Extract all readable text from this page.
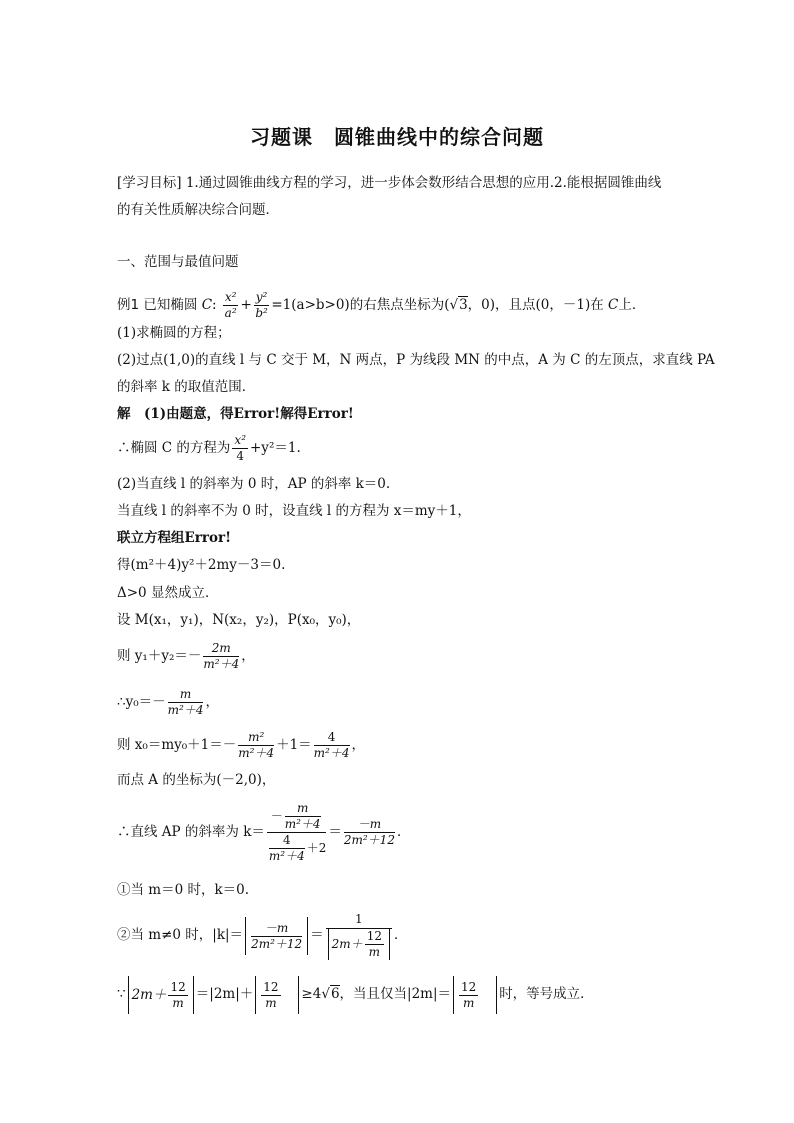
习题课　圆锥曲线中的综合问题
[学习目标] 1.通过圆锥曲线方程的学习，进一步体会数形结合思想的应用.2.能根据圆锥曲线
的有关性质解决综合问题．
一、范围与最值问题
例1 已知椭圆 C: $\frac{\text{x²}}{\text{a²}} + \frac{\text{y²}}{\text{b²}} =1(a>b>0)$的右焦点坐标为(√3，0)，且点(0，－1)在 C上．
(1)求椭圆的方程；
(2)过点(1,0)的直线 l 与 C 交于 M，N 两点，P 为线段 MN 的中点，A 为 C 的左顶点，求直线 PA
的斜率 k 的取值范围．
解　(1)由题意，得Error!解得Error!
∴椭圆 C 的方程为 $\frac{\text{x²}}{4} +y^2=1$.
(2)当直线 l 的斜率为 0 时，AP 的斜率 k＝0.
当直线 l 的斜率不为 0 时，设直线 l 的方程为 x＝my＋1，
联立方程组Error!
得(m²＋4)y²＋2my－3＝0.
Δ>0 显然成立．
设 M(x₁，y₁)，N(x₂，y₂)，P(x₀，y₀)，
则 $y_1+y_2=- \frac{2m}{\text{m²＋4}}$ ，
∴y₀＝－ $\frac{m}{\text{m²＋4}}$ ，
则 $x_0=my_0+1=- \frac{\text{m²}}{\text{m²＋4}} +1= \frac{4}{\text{m²＋4}}$ ，
而点 A 的坐标为(－2,0)，
∴直线 AP 的斜率为 $k= \frac{- \frac{m}{\text{m²＋4}}}{\frac{4}{\text{m²＋4}} +2} = \frac{-m}{\text{2m²＋12}}$ ．
①当 m＝0 时，k＝0.
②当 m≠0 时，$|k|= \frac{-m}{\text{2m²＋12}} = \frac{1}{2m+ \frac{12}{m}}$ ．
∵ $2m+ \frac{12}{m} =|2m|+ \frac{12}{m} \ge 4√6$，当且仅当$|2m|= \frac{12}{m}$ 时，等号成立．
